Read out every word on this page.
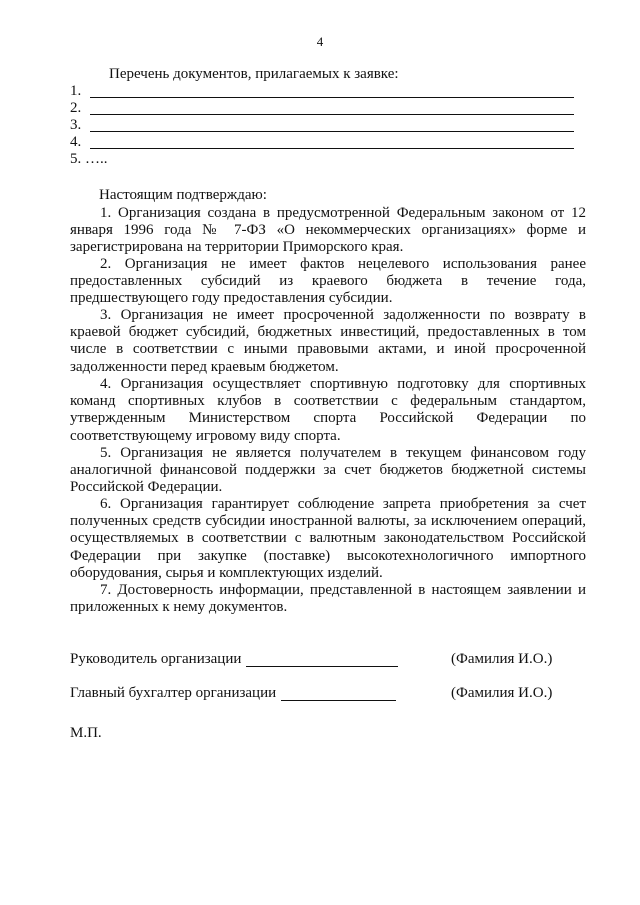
4
Перечень документов, прилагаемых к заявке:
1.
2.
3.
4.
5. …..
Настоящим подтверждаю:
1. Организация создана в предусмотренной Федеральным законом от 12 января 1996 года № 7-ФЗ «О некоммерческих организациях» форме и зарегистрирована на территории Приморского края.
2. Организация не имеет фактов нецелевого использования ранее предоставленных субсидий из краевого бюджета в течение года, предшествующего году предоставления субсидии.
3. Организация не имеет просроченной задолженности по возврату в краевой бюджет субсидий, бюджетных инвестиций, предоставленных в том числе в соответствии с иными правовыми актами, и иной просроченной задолженности перед краевым бюджетом.
4. Организация осуществляет спортивную подготовку для спортивных команд спортивных клубов в соответствии с федеральным стандартом, утвержденным Министерством спорта Российской Федерации по соответствующему игровому виду спорта.
5. Организация не является получателем в текущем финансовом году аналогичной финансовой поддержки за счет бюджетов бюджетной системы Российской Федерации.
6. Организация гарантирует соблюдение запрета приобретения за счет полученных средств субсидии иностранной валюты, за исключением операций, осуществляемых в соответствии с валютным законодательством Российской Федерации при закупке (поставке) высокотехнологичного импортного оборудования, сырья и комплектующих изделий.
7. Достоверность информации, представленной в настоящем заявлении и приложенных к нему документов.
Руководитель организации	(Фамилия И.О.)
Главный бухгалтер организации	(Фамилия И.О.)
М.П.
